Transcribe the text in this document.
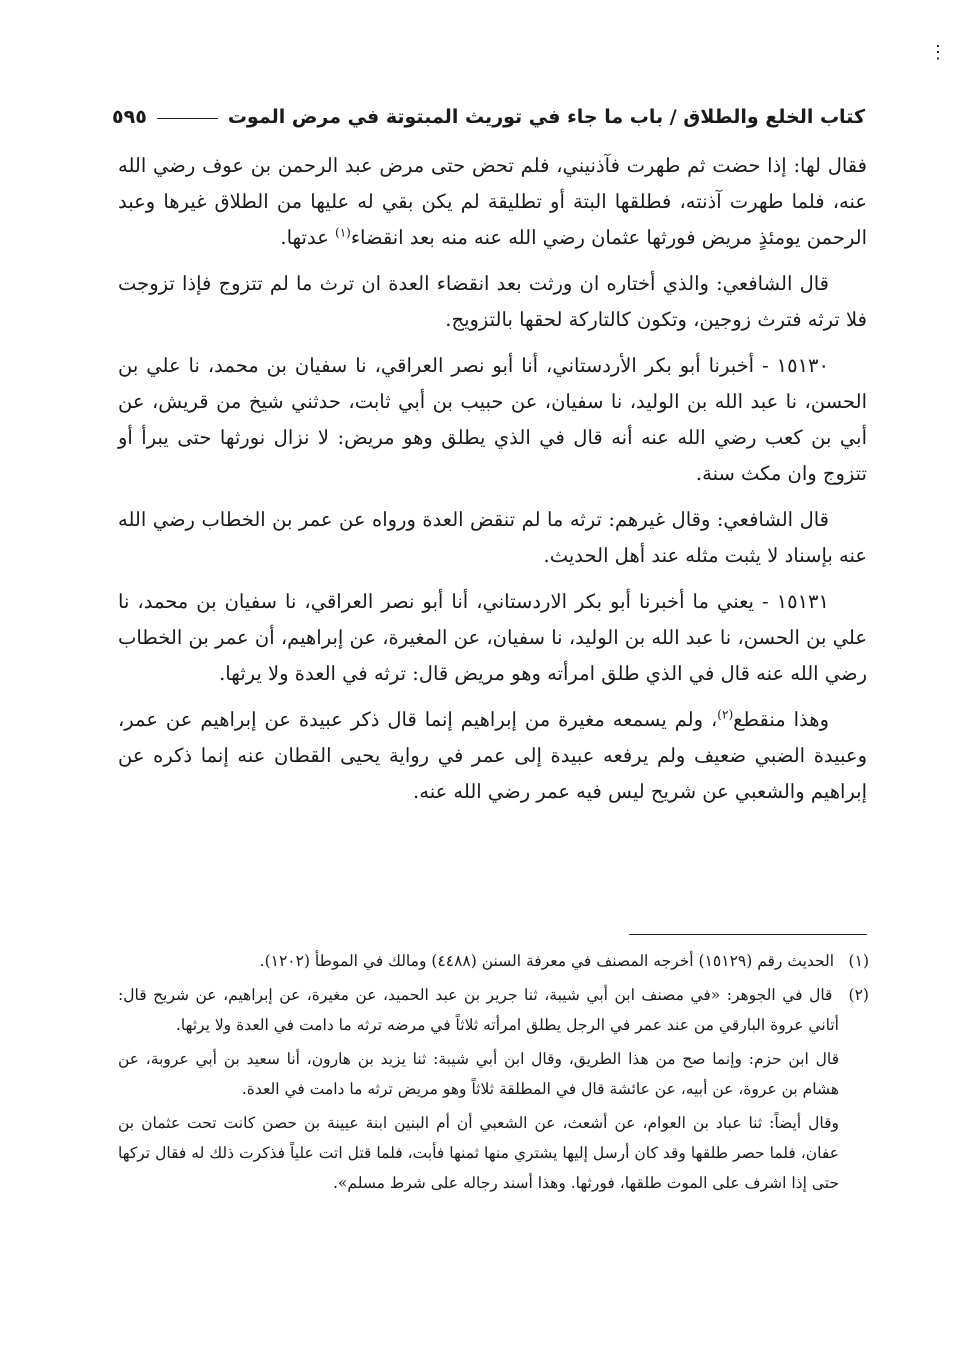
⋮
كتاب الخلع والطلاق / باب ما جاء في توريث المبتوتة في مرض الموت
٥٩٥

فقال لها: إذا حضت ثم طهرت فآذنيني، فلم تحض حتى مرض عبد الرحمن بن عوف رضي الله عنه، فلما طهرت آذنته، فطلقها البتة أو تطليقة لم يكن بقي له عليها من الطلاق غيرها وعبد الرحمن يومئذٍ مريض فورثها عثمان رضي الله عنه منه بعد انقضاء$^{(١)}$ عدتها.

قال الشافعي: والذي أختاره ان ورثت بعد انقضاء العدة ان ترث ما لم تتزوج فإذا تزوجت فلا ترثه فترث زوجين، وتكون كالتاركة لحقها بالتزويج.

١٥١٣٠ - أخبرنا أبو بكر الأردستاني، أنا أبو نصر العراقي، نا سفيان بن محمد، نا علي بن الحسن، نا عبد الله بن الوليد، نا سفيان، عن حبيب بن أبي ثابت، حدثني شيخ من قريش، عن أبي بن كعب رضي الله عنه أنه قال في الذي يطلق وهو مريض: لا نزال نورثها حتى يبرأ أو تتزوج وان مكث سنة.

قال الشافعي: وقال غيرهم: ترثه ما لم تنقض العدة ورواه عن عمر بن الخطاب رضي الله عنه بإسناد لا يثبت مثله عند أهل الحديث.

١٥١٣١ - يعني ما أخبرنا أبو بكر الاردستاني، أنا أبو نصر العراقي، نا سفيان بن محمد، نا علي بن الحسن، نا عبد الله بن الوليد، نا سفيان، عن المغيرة، عن إبراهيم، أن عمر بن الخطاب رضي الله عنه قال في الذي طلق امرأته وهو مريض قال: ترثه في العدة ولا يرثها.

وهذا منقطع$^{(٢)}$، ولم يسمعه مغيرة من إبراهيم إنما قال ذكر عبيدة عن إبراهيم عن عمر، وعبيدة الضبي ضعيف ولم يرفعه عبيدة إلى عمر في رواية يحيى القطان عنه إنما ذكره عن إبراهيم والشعبي عن شريح ليس فيه عمر رضي الله عنه.

(١) الحديث رقم (١٥١٢٩) أخرجه المصنف في معرفة السنن (٤٤٨٨) ومالك في الموطأ (١٢٠٢).

(٢) قال في الجوهر: «في مصنف ابن أبي شيبة، ثنا جرير بن عبد الحميد، عن مغيرة، عن إبراهيم، عن شريح قال: أتاني عروة البارقي من عند عمر في الرجل يطلق امرأته ثلاثاً في مرضه ترثه ما دامت في العدة ولا يرثها.

قال ابن حزم: وإنما صح من هذا الطريق، وقال ابن أبي شيبة: ثنا يزيد بن هارون، أنا سعيد بن أبي عروبة، عن هشام بن عروة، عن أبيه، عن عائشة قال في المطلقة ثلاثاً وهو مريض ترثه ما دامت في العدة.

وقال أيضاً: ثنا عباد بن العوام، عن أشعث، عن الشعبي أن أم البنين ابنة عيينة بن حصن كانت تحت عثمان بن عفان، فلما حصر طلقها وقد كان أرسل إليها يشتري منها ثمنها فأبت، فلما قتل اتت علياً فذكرت ذلك له فقال تركها حتى إذا اشرف على الموت طلقها، فورثها. وهذا أسند رجاله على شرط مسلم».
